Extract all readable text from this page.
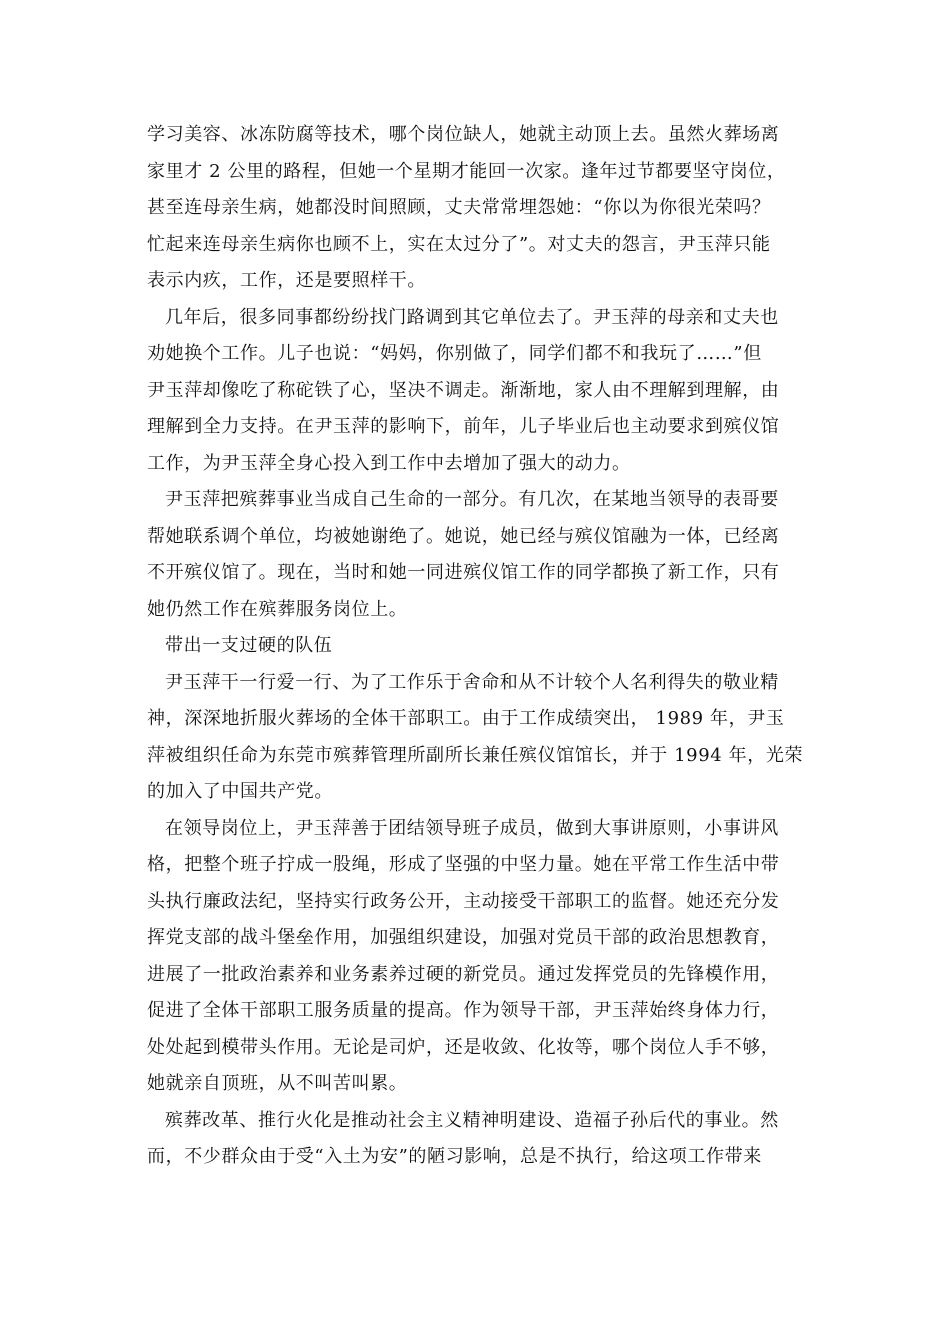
学习美容、冰冻防腐等技术，哪个岗位缺人，她就主动顶上去。虽然火葬场离
家里才 2 公里的路程，但她一个星期才能回一次家。逢年过节都要坚守岗位，
甚至连母亲生病，她都没时间照顾，丈夫常常埋怨她：“你以为你很光荣吗？
忙起来连母亲生病你也顾不上，实在太过分了”。对丈夫的怨言，尹玉萍只能
表示内疚，工作，还是要照样干。
几年后，很多同事都纷纷找门路调到其它单位去了。尹玉萍的母亲和丈夫也
劝她换个工作。儿子也说：“妈妈，你别做了，同学们都不和我玩了……”但
尹玉萍却像吃了称砣铁了心，坚决不调走。渐渐地，家人由不理解到理解，由
理解到全力支持。在尹玉萍的影响下，前年，儿子毕业后也主动要求到殡仪馆
工作，为尹玉萍全身心投入到工作中去增加了强大的动力。
尹玉萍把殡葬事业当成自己生命的一部分。有几次，在某地当领导的表哥要
帮她联系调个单位，均被她谢绝了。她说，她已经与殡仪馆融为一体，已经离
不开殡仪馆了。现在，当时和她一同进殡仪馆工作的同学都换了新工作，只有
她仍然工作在殡葬服务岗位上。
带出一支过硬的队伍
尹玉萍干一行爱一行、为了工作乐于舍命和从不计较个人名利得失的敬业精
神，深深地折服火葬场的全体干部职工。由于工作成绩突出， 1989 年，尹玉
萍被组织任命为东莞市殡葬管理所副所长兼任殡仪馆馆长，并于 1994 年，光荣
的加入了中国共产党。
在领导岗位上，尹玉萍善于团结领导班子成员，做到大事讲原则，小事讲风
格，把整个班子拧成一股绳，形成了坚强的中坚力量。她在平常工作生活中带
头执行廉政法纪，坚持实行政务公开，主动接受干部职工的监督。她还充分发
挥党支部的战斗堡垒作用，加强组织建设，加强对党员干部的政治思想教育，
进展了一批政治素养和业务素养过硬的新党员。通过发挥党员的先锋模作用，
促进了全体干部职工服务质量的提高。作为领导干部，尹玉萍始终身体力行，
处处起到模带头作用。无论是司炉，还是收敛、化妆等，哪个岗位人手不够，
她就亲自顶班，从不叫苦叫累。
殡葬改革、推行火化是推动社会主义精神明建设、造福子孙后代的事业。然
而，不少群众由于受“入土为安”的陋习影响，总是不执行，给这项工作带来
